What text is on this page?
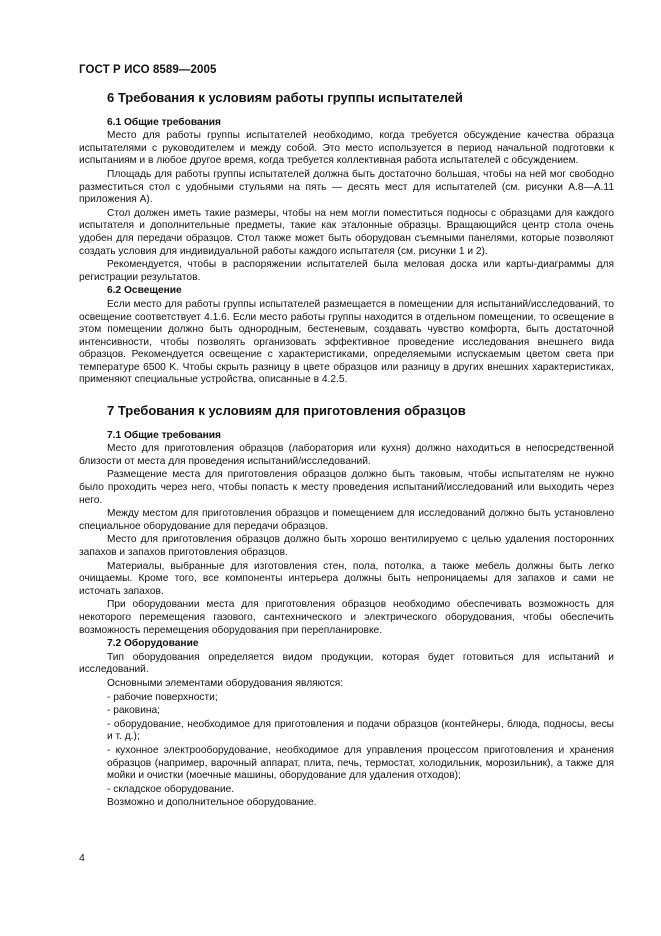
ГОСТ Р ИСО 8589—2005
6 Требования к условиям работы группы испытателей
6.1 Общие требования

Место для работы группы испытателей необходимо, когда требуется обсуждение качества образца испытателями с руководителем и между собой. Это место используется в период начальной подготовки к испытаниям и в любое другое время, когда требуется коллективная работа испытателей с обсуждением.

Площадь для работы группы испытателей должна быть достаточно большая, чтобы на ней мог свободно разместиться стол с удобными стульями на пять — десять мест для испытателей (см. рисунки А.8—А.11 приложения А).

Стол должен иметь такие размеры, чтобы на нем могли поместиться подносы с образцами для каждого испытателя и дополнительные предметы, такие как эталонные образцы. Вращающийся центр стола очень удобен для передачи образцов. Стол также может быть оборудован съемными панелями, которые позволяют создать условия для индивидуальной работы каждого испытателя (см. рисунки 1 и 2).

Рекомендуется, чтобы в распоряжении испытателей была меловая доска или карты-диаграммы для регистрации результатов.

6.2 Освещение

Если место для работы группы испытателей размещается в помещении для испытаний/исследований, то освещение соответствует 4.1.6. Если место работы группы находится в отдельном помещении, то освещение в этом помещении должно быть однородным, бестеневым, создавать чувство комфорта, быть достаточной интенсивности, чтобы позволять организовать эффективное проведение исследования внешнего вида образцов. Рекомендуется освещение с характеристиками, определяемыми испускаемым цветом света при температуре 6500 K. Чтобы скрыть разницу в цвете образцов или разницу в других внешних характеристиках, применяют специальные устройства, описанные в 4.2.5.

7 Требования к условиям для приготовления образцов
7.1 Общие требования

Место для приготовления образцов (лаборатория или кухня) должно находиться в непосредственной близости от места для проведения испытаний/исследований.

Размещение места для приготовления образцов должно быть таковым, чтобы испытателям не нужно было проходить через него, чтобы попасть к месту проведения испытаний/исследований или выходить через него.

Между местом для приготовления образцов и помещением для исследований должно быть установлено специальное оборудование для передачи образцов.

Место для приготовления образцов должно быть хорошо вентилируемо с целью удаления посторонних запахов и запахов приготовления образцов.

Материалы, выбранные для изготовления стен, пола, потолка, а также мебель должны быть легко очищаемы. Кроме того, все компоненты интерьера должны быть непроницаемы для запахов и сами не источать запахов.

При оборудовании места для приготовления образцов необходимо обеспечивать возможность для некоторого перемещения газового, сантехнического и электрического оборудования, чтобы обеспечить возможность перемещения оборудования при перепланировке.

7.2 Оборудование

Тип оборудования определяется видом продукции, которая будет готовиться для испытаний и исследований.

Основными элементами оборудования являются:

- рабочие поверхности;

- раковина;

- оборудование, необходимое для приготовления и подачи образцов (контейнеры, блюда, подносы, весы и т. д.);

- кухонное электрооборудование, необходимое для управления процессом приготовления и хранения образцов (например, варочный аппарат, плита, печь, термостат, холодильник, морозильник), а также для мойки и очистки (моечные машины, оборудование для удаления отходов);

- складское оборудование.

Возможно и дополнительное оборудование.

4
